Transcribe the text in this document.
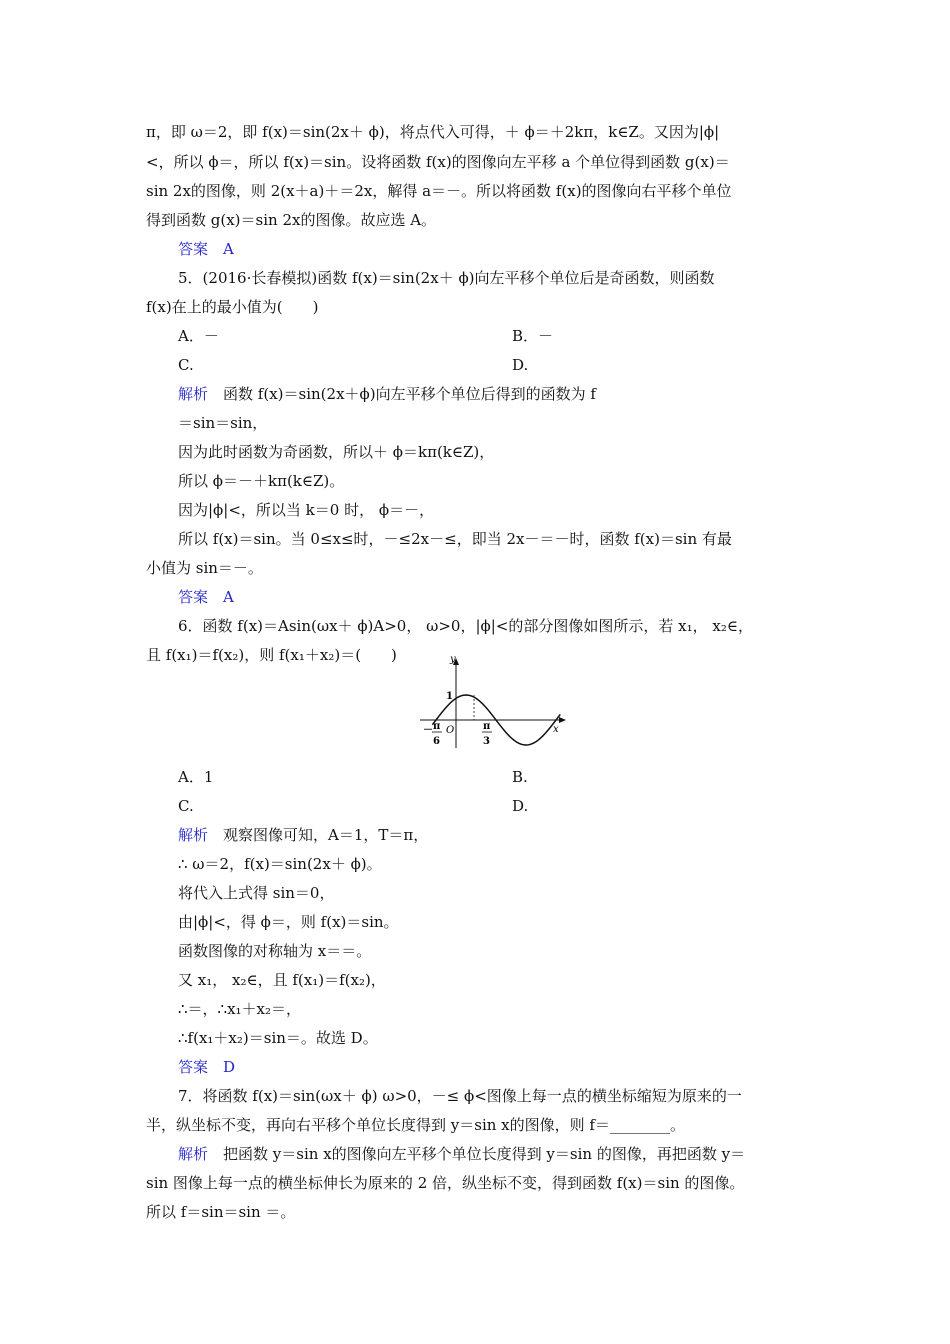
π，即 ω＝2，即 f(x)＝sin(2x＋ ϕ)，将点代入可得，＋ ϕ＝＋2kπ，k∈Z。又因为|ϕ|
<，所以 ϕ＝，所以 f(x)＝sin。设将函数 f(x)的图像向左平移 a 个单位得到函数 g(x)＝
sin 2x的图像，则 2(x＋a)＋＝2x，解得 a＝－。所以将函数 f(x)的图像向右平移个单位
得到函数 g(x)＝sin 2x的图像。故应选 A。
答案　A
5．(2016·长春模拟)函数 f(x)＝sin(2x＋ ϕ)向左平移个单位后是奇函数，则函数
f(x)在上的最小值为(　　)
A．－	B．－
C.	D.
解析　 函数 f(x)＝sin(2x＋ϕ)向左平移个单位后得到的函数为 f
＝sin＝sin，
因为此时函数为奇函数，所以＋ ϕ＝kπ(k∈Z)，
所以 ϕ＝－＋kπ(k∈Z)。
因为|ϕ|<，所以当 k＝0 时， ϕ＝－，
所以 f(x)＝sin。当 0≤x≤时，－≤2x－≤，即当 2x－＝－时，函数 f(x)＝sin 有最
小值为 sin＝－。
答案　A
6．函数 f(x)＝Asin(ωx＋ ϕ)A>0， ω>0，|ϕ|<的部分图像如图所示，若 x₁， x₂∈，
且 f(x₁)＝f(x₂)，则 f(x₁＋x₂)＝(　　)	y
x
1
O
－ π
6
π
3
A．1	B.
C.	D.
解析　 观察图像可知，A＝1，T＝π，
∴ ω＝2，f(x)＝sin(2x＋ ϕ)。
将代入上式得 sin＝0，
由|ϕ|<，得 ϕ＝，则 f(x)＝sin。
函数图像的对称轴为 x＝＝。
又 x₁， x₂∈，且 f(x₁)＝f(x₂)，
∴＝，∴x₁＋x₂＝，
∴f(x₁＋x₂)＝sin＝。故选 D。
答案　D
7．将函数 f(x)＝sin(ωx＋ ϕ) ω>0，－≤ ϕ<图像上每一点的横坐标缩短为原来的一
半，纵坐标不变，再向右平移个单位长度得到 y＝sin x的图像，则 f＝________。
解析　 把函数 y＝sin x的图像向左平移个单位长度得到 y＝sin 的图像，再把函数 y＝
sin 图像上每一点的横坐标伸长为原来的 2 倍，纵坐标不变，得到函数 f(x)＝sin 的图像。
所以 f＝sin＝sin ＝。
